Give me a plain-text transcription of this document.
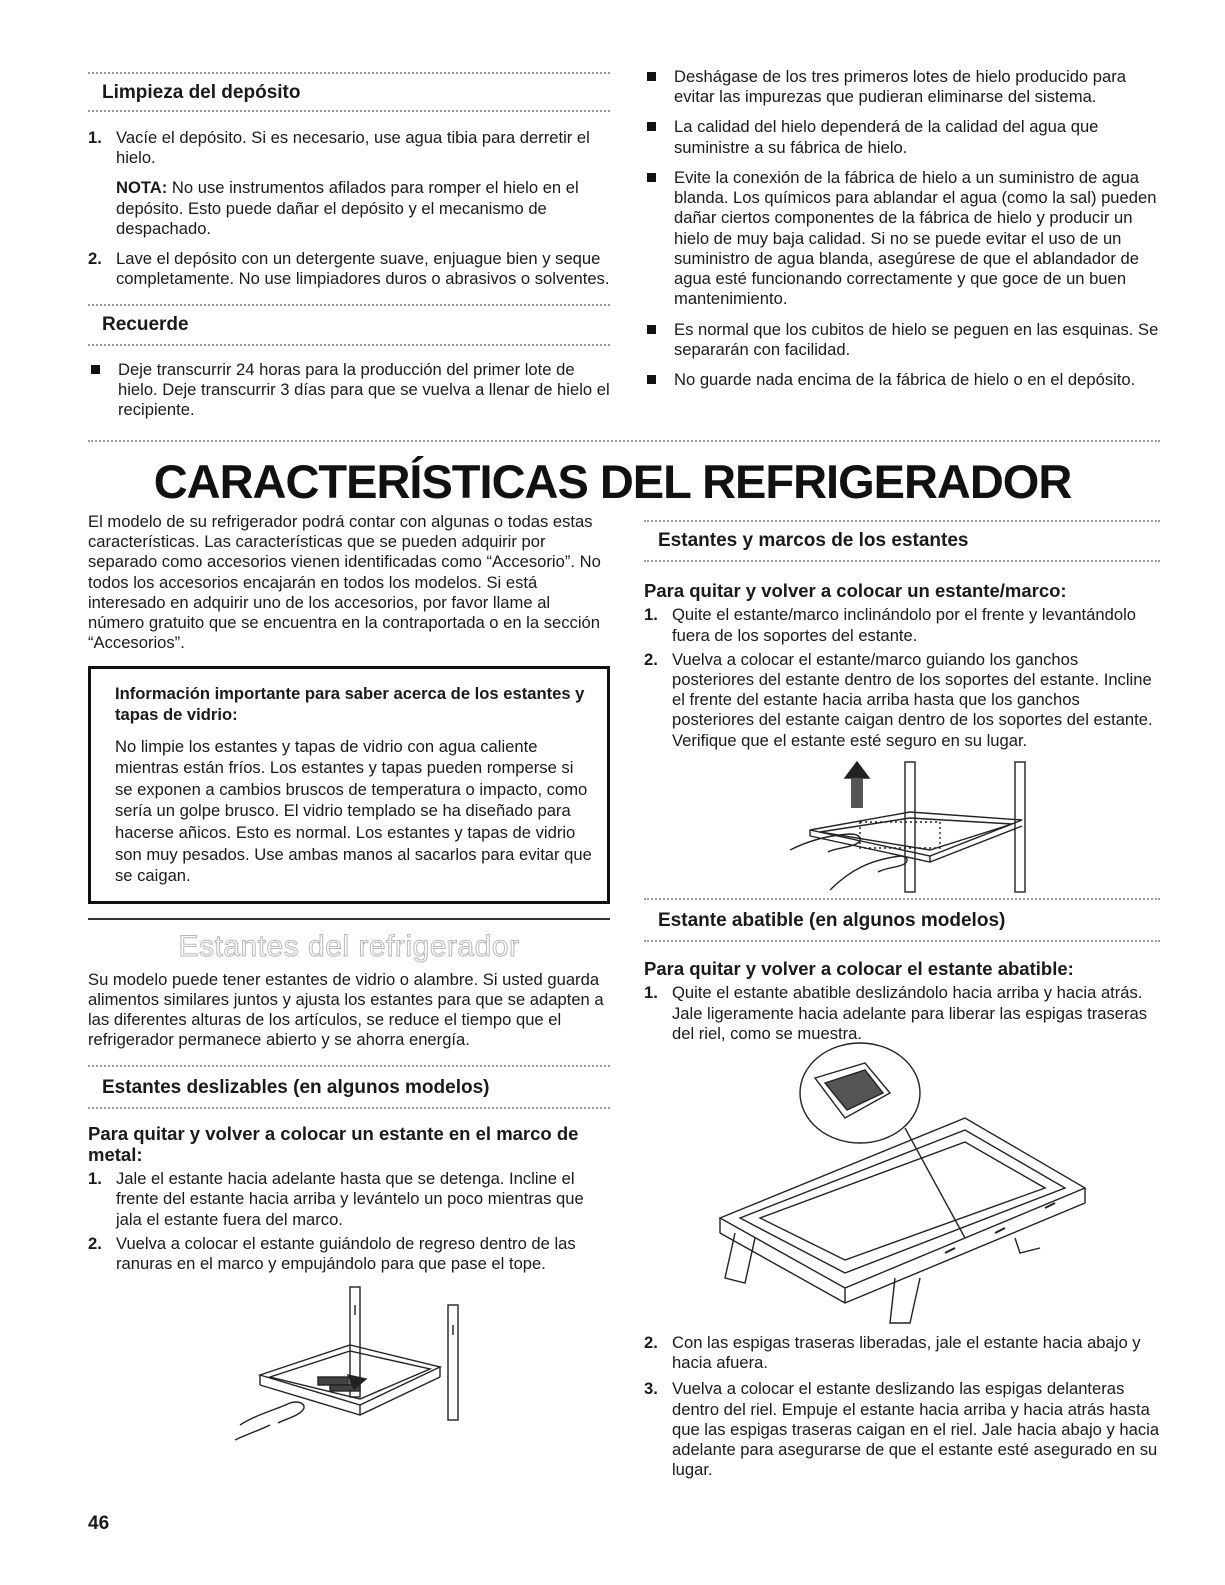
Limpieza del depósito
1. Vacíe el depósito. Si es necesario, use agua tibia para derretir el hielo.

NOTA: No use instrumentos afilados para romper el hielo en el depósito. Esto puede dañar el depósito y el mecanismo de despachado.

2. Lave el depósito con un detergente suave, enjuague bien y seque completamente. No use limpiadores duros o abrasivos o solventes.
Recuerde
Deje transcurrir 24 horas para la producción del primer lote de hielo. Deje transcurrir 3 días para que se vuelva a llenar de hielo el recipiente.
Deshágase de los tres primeros lotes de hielo producido para evitar las impurezas que pudieran eliminarse del sistema.
La calidad del hielo dependerá de la calidad del agua que suministre a su fábrica de hielo.
Evite la conexión de la fábrica de hielo a un suministro de agua blanda. Los químicos para ablandar el agua (como la sal) pueden dañar ciertos componentes de la fábrica de hielo y producir un hielo de muy baja calidad. Si no se puede evitar el uso de un suministro de agua blanda, asegúrese de que el ablandador de agua esté funcionando correctamente y que goce de un buen mantenimiento.
Es normal que los cubitos de hielo se peguen en las esquinas. Se separarán con facilidad.
No guarde nada encima de la fábrica de hielo o en el depósito.
CARACTERÍSTICAS DEL REFRIGERADOR

El modelo de su refrigerador podrá contar con algunas o todas estas características. Las características que se pueden adquirir por separado como accesorios vienen identificadas como “Accesorio”. No todos los accesorios encajarán en todos los modelos. Si está interesado en adquirir uno de los accesorios, por favor llame al número gratuito que se encuentra en la contraportada o en la sección “Accesorios”.

Información importante para saber acerca de los estantes y tapas de vidrio:

No limpie los estantes y tapas de vidrio con agua caliente mientras están fríos. Los estantes y tapas pueden romperse si se exponen a cambios bruscos de temperatura o impacto, como sería un golpe brusco. El vidrio templado se ha diseñado para hacerse añicos. Esto es normal. Los estantes y tapas de vidrio son muy pesados. Use ambas manos al sacarlos para evitar que se caigan.

Estantes del refrigerador

Su modelo puede tener estantes de vidrio o alambre. Si usted guarda alimentos similares juntos y ajusta los estantes para que se adapten a las diferentes alturas de los artículos, se reduce el tiempo que el refrigerador permanece abierto y se ahorra energía.

Estantes deslizables (en algunos modelos)
Para quitar y volver a colocar un estante en el marco de metal:
1. Jale el estante hacia adelante hasta que se detenga. Incline el frente del estante hacia arriba y levántelo un poco mientras que jala el estante fuera del marco.
2. Vuelva a colocar el estante guiándolo de regreso dentro de las ranuras en el marco y empujándolo para que pase el tope.
Estantes y marcos de los estantes
Para quitar y volver a colocar un estante/marco:
1. Quite el estante/marco inclinándolo por el frente y levantándolo fuera de los soportes del estante.
2. Vuelva a colocar el estante/marco guiando los ganchos posteriores del estante dentro de los soportes del estante. Incline el frente del estante hacia arriba hasta que los ganchos posteriores del estante caigan dentro de los soportes del estante. Verifique que el estante esté seguro en su lugar.
Estante abatible (en algunos modelos)
Para quitar y volver a colocar el estante abatible:
1. Quite el estante abatible deslizándolo hacia arriba y hacia atrás. Jale ligeramente hacia adelante para liberar las espigas traseras del riel, como se muestra.
2. Con las espigas traseras liberadas, jale el estante hacia abajo y hacia afuera.
3. Vuelva a colocar el estante deslizando las espigas delanteras dentro del riel. Empuje el estante hacia arriba y hacia atrás hasta que las espigas traseras caigan en el riel. Jale hacia abajo y hacia adelante para asegurarse de que el estante esté asegurado en su lugar.
46
